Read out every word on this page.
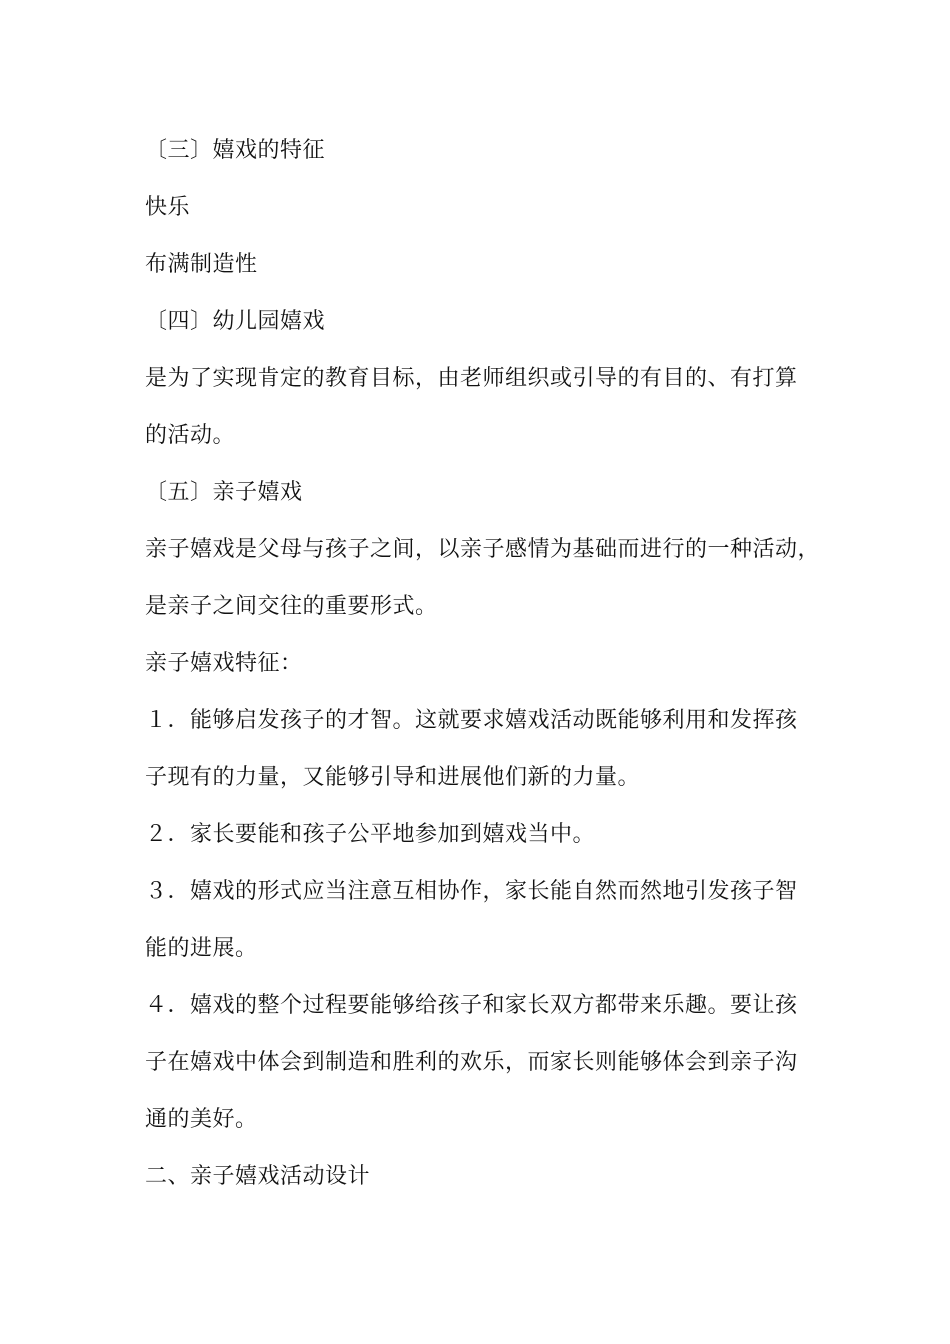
〔三〕嬉戏的特征
快乐
布满制造性
〔四〕幼儿园嬉戏
是为了实现肯定的教育目标，由老师组织或引导的有目的、有打算
的活动。
〔五〕亲子嬉戏
亲子嬉戏是父母与孩子之间，以亲子感情为基础而进行的一种活动，
是亲子之间交往的重要形式。
亲子嬉戏特征：
１．能够启发孩子的才智。这就要求嬉戏活动既能够利用和发挥孩
子现有的力量，又能够引导和进展他们新的力量。
２．家长要能和孩子公平地参加到嬉戏当中。
３．嬉戏的形式应当注意互相协作，家长能自然而然地引发孩子智
能的进展。
４．嬉戏的整个过程要能够给孩子和家长双方都带来乐趣。要让孩
子在嬉戏中体会到制造和胜利的欢乐，而家长则能够体会到亲子沟
通的美好。
二、亲子嬉戏活动设计
